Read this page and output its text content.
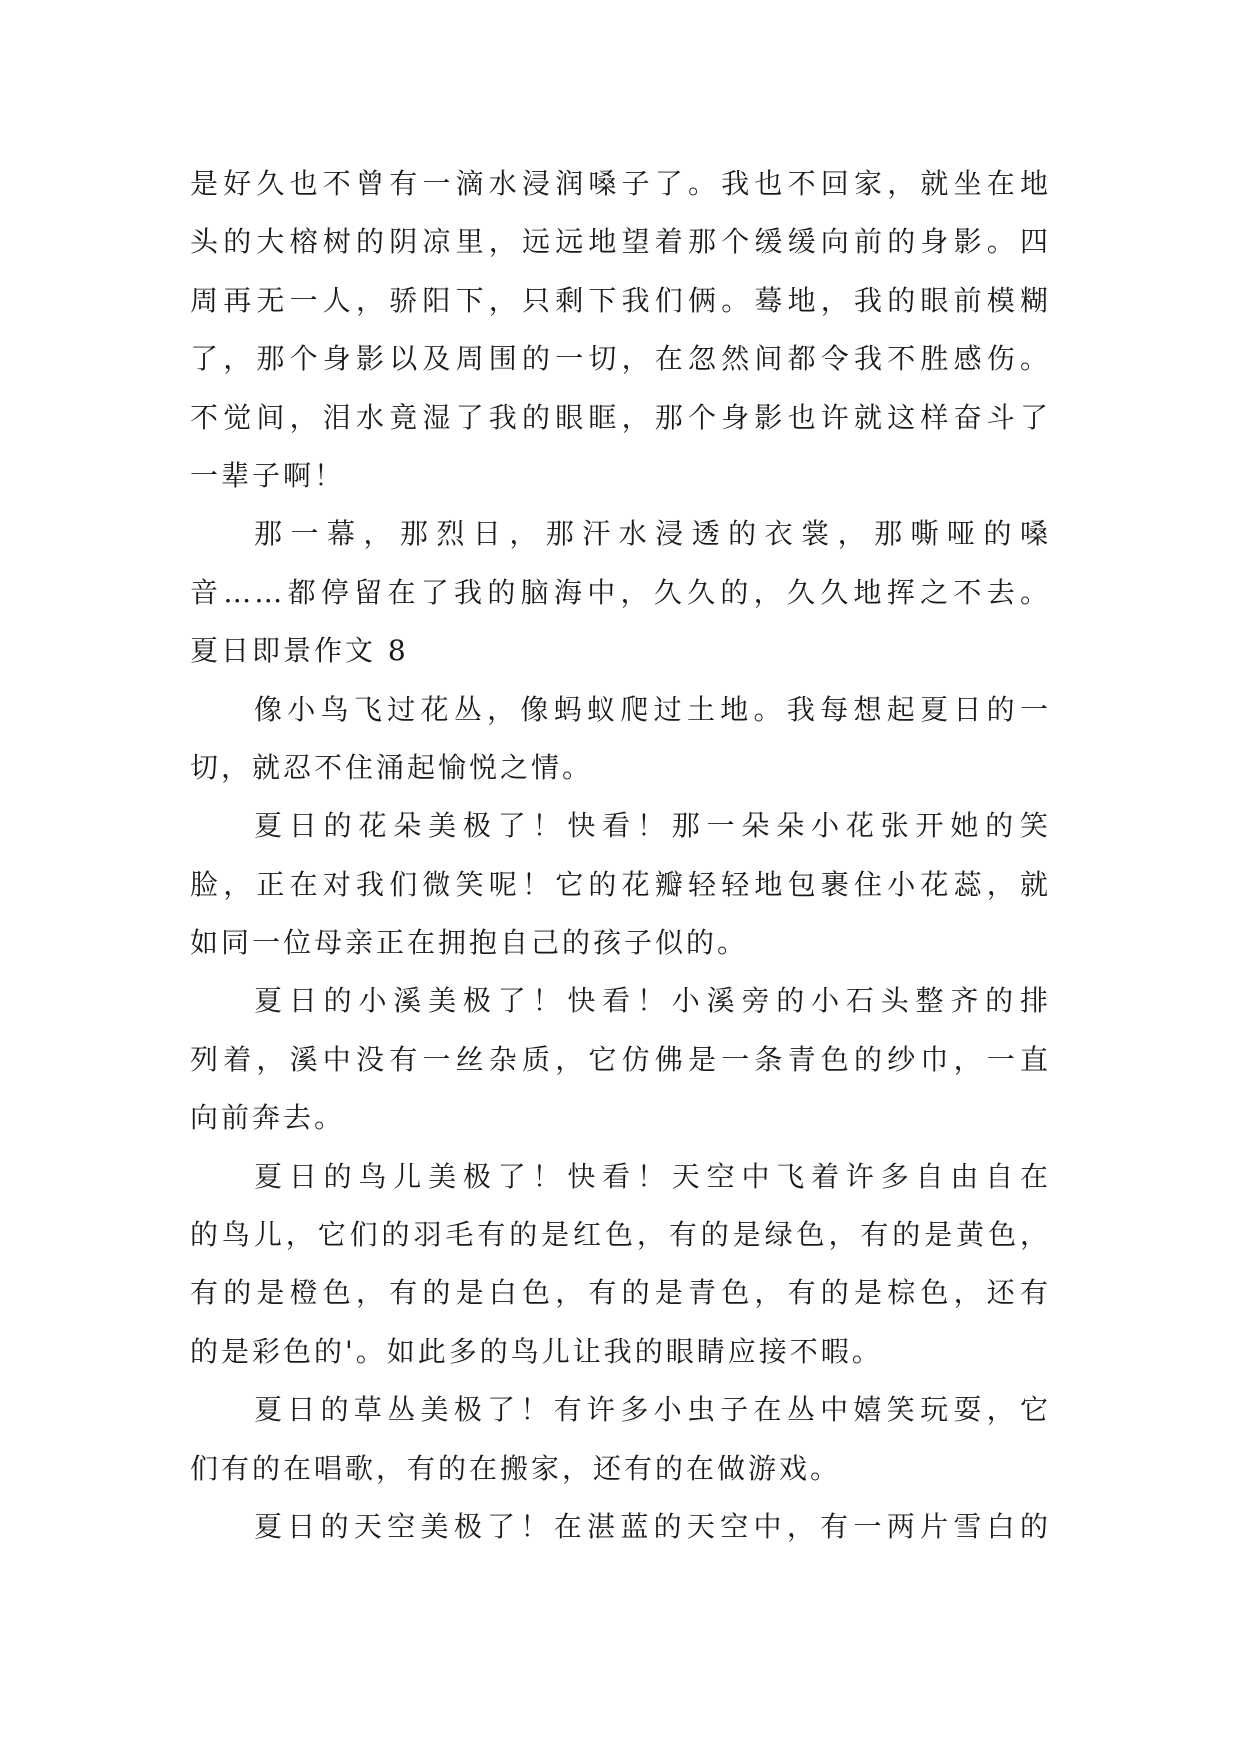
是好久也不曾有一滴水浸润嗓子了。我也不回家，就坐在地
头的大榕树的阴凉里，远远地望着那个缓缓向前的身影。四
周再无一人，骄阳下，只剩下我们俩。蓦地，我的眼前模糊
了，那个身影以及周围的一切，在忽然间都令我不胜感伤。
不觉间，泪水竟湿了我的眼眶，那个身影也许就这样奋斗了
一辈子啊！
那一幕，那烈日，那汗水浸透的衣裳，那嘶哑的嗓
音……都停留在了我的脑海中，久久的，久久地挥之不去。
夏日即景作文 8
像小鸟飞过花丛，像蚂蚁爬过土地。我每想起夏日的一
切，就忍不住涌起愉悦之情。
夏日的花朵美极了！快看！那一朵朵小花张开她的笑
脸，正在对我们微笑呢！它的花瓣轻轻地包裹住小花蕊，就
如同一位母亲正在拥抱自己的孩子似的。
夏日的小溪美极了！快看！小溪旁的小石头整齐的排
列着，溪中没有一丝杂质，它仿佛是一条青色的纱巾，一直
向前奔去。
夏日的鸟儿美极了！快看！天空中飞着许多自由自在
的鸟儿，它们的羽毛有的是红色，有的是绿色，有的是黄色，
有的是橙色，有的是白色，有的是青色，有的是棕色，还有
的是彩色的'。如此多的鸟儿让我的眼睛应接不暇。
夏日的草丛美极了！有许多小虫子在丛中嬉笑玩耍，它
们有的在唱歌，有的在搬家，还有的在做游戏。
夏日的天空美极了！在湛蓝的天空中，有一两片雪白的
